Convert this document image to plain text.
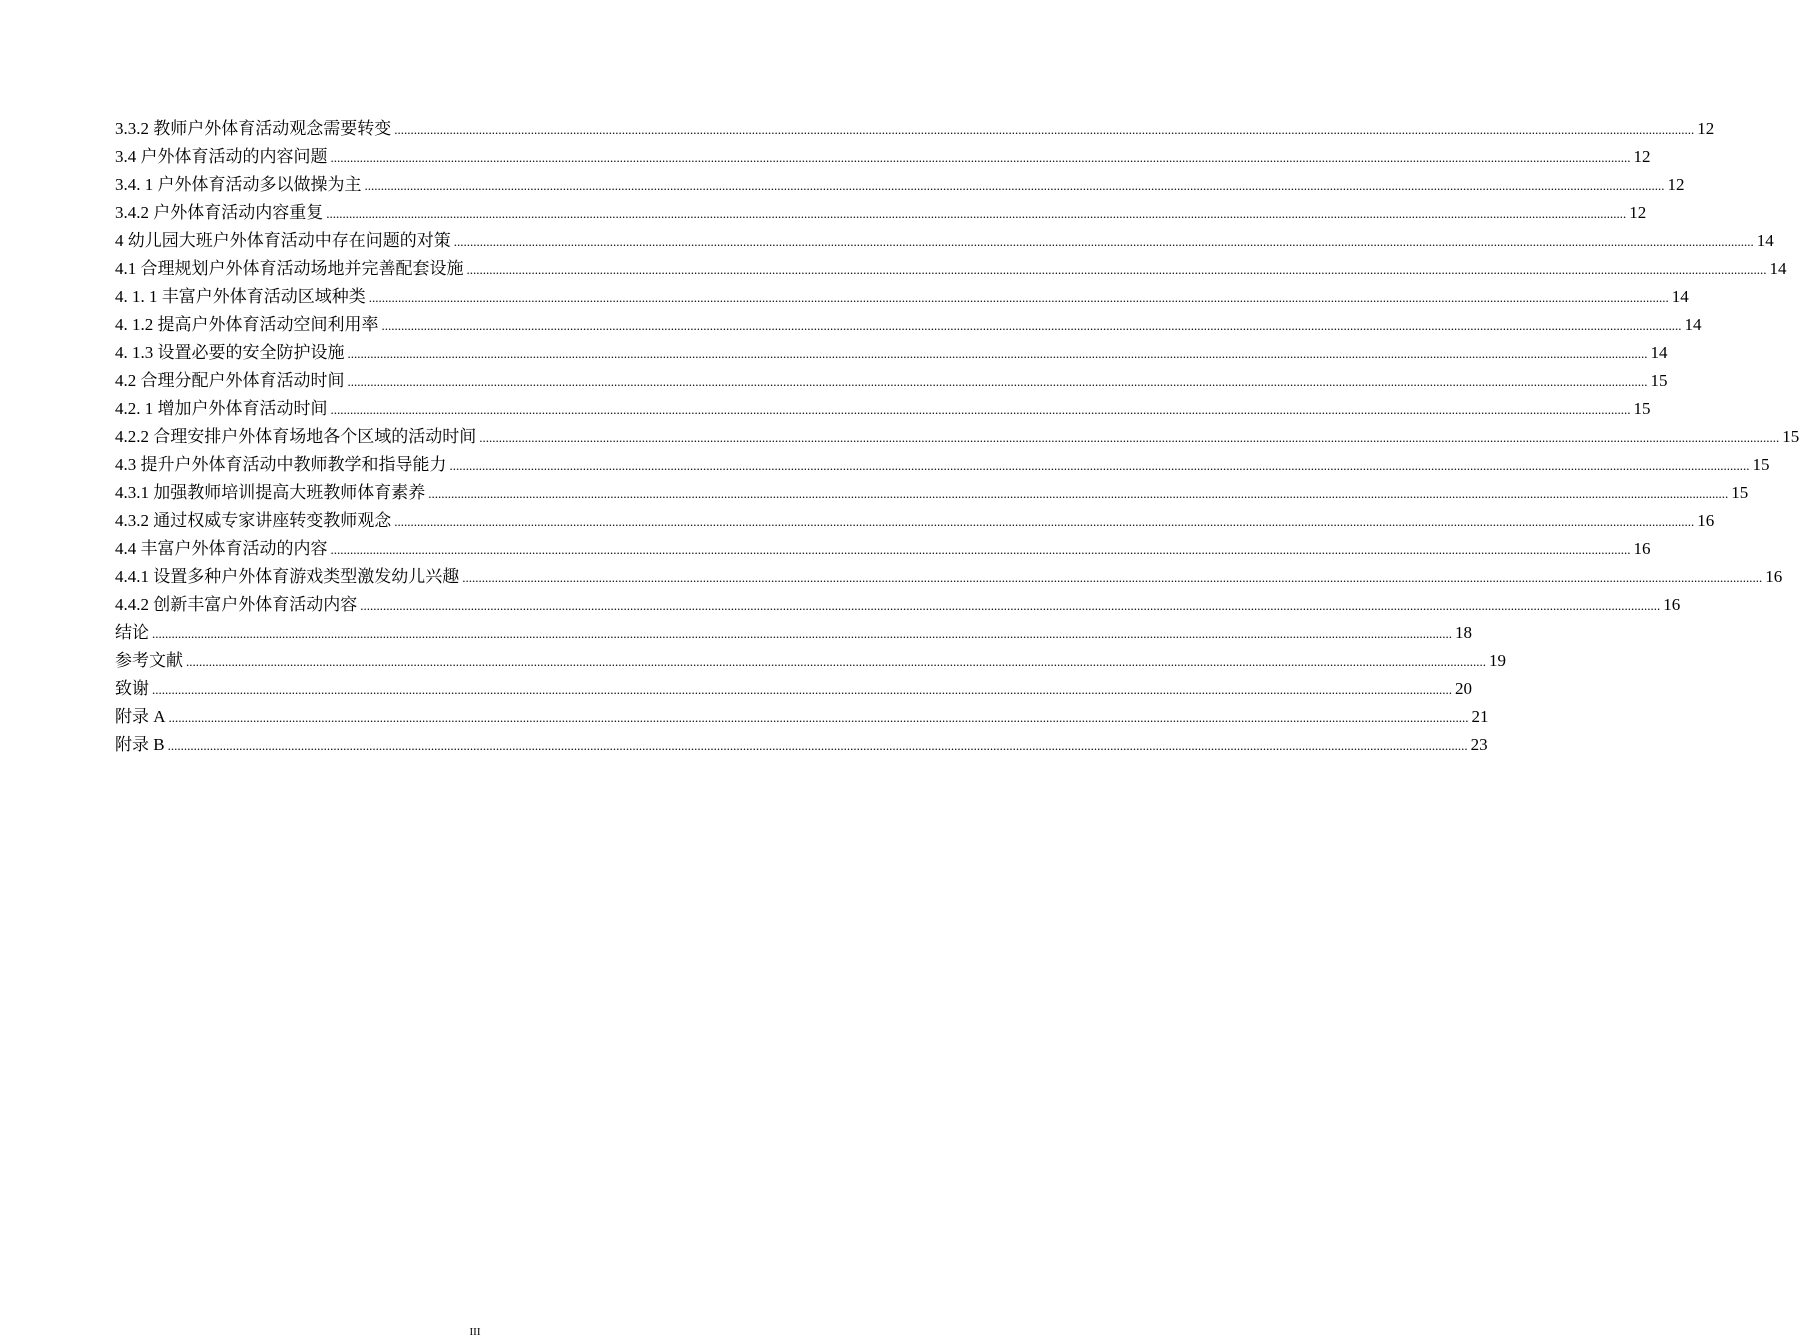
3.3.2 教师户外体育活动观念需要转变 ................................................................................................................................................................................................................................................................................................................................................................................................................ 12
3.4 户外体育活动的内容问题 ................................................................................................................................................................................................................................................................................................................................................................................................................ 12
3.4. 1 户外体育活动多以做操为主 ................................................................................................................................................................................................................................................................................................................................................................................................................ 12
3.4.2 户外体育活动内容重复 ................................................................................................................................................................................................................................................................................................................................................................................................................ 12
4 幼儿园大班户外体育活动中存在问题的对策 ................................................................................................................................................................................................................................................................................................................................................................................................................ 14
4.1 合理规划户外体育活动场地并完善配套设施 ................................................................................................................................................................................................................................................................................................................................................................................................................ 14
4. 1. 1 丰富户外体育活动区域种类 ................................................................................................................................................................................................................................................................................................................................................................................................................ 14
4. 1.2 提高户外体育活动空间利用率 ................................................................................................................................................................................................................................................................................................................................................................................................................ 14
4. 1.3 设置必要的安全防护设施 ................................................................................................................................................................................................................................................................................................................................................................................................................ 14
4.2 合理分配户外体育活动时间 ................................................................................................................................................................................................................................................................................................................................................................................................................ 15
4.2. 1 增加户外体育活动时间 ................................................................................................................................................................................................................................................................................................................................................................................................................ 15
4.2.2 合理安排户外体育场地各个区域的活动时间 ................................................................................................................................................................................................................................................................................................................................................................................................................ 15
4.3 提升户外体育活动中教师教学和指导能力 ................................................................................................................................................................................................................................................................................................................................................................................................................ 15
4.3.1 加强教师培训提高大班教师体育素养 ................................................................................................................................................................................................................................................................................................................................................................................................................ 15
4.3.2 通过权威专家讲座转变教师观念 ................................................................................................................................................................................................................................................................................................................................................................................................................ 16
4.4 丰富户外体育活动的内容 ................................................................................................................................................................................................................................................................................................................................................................................................................ 16
4.4.1 设置多种户外体育游戏类型激发幼儿兴趣 ................................................................................................................................................................................................................................................................................................................................................................................................................ 16
4.4.2 创新丰富户外体育活动内容 ................................................................................................................................................................................................................................................................................................................................................................................................................ 16
结论 ................................................................................................................................................................................................................................................................................................................................................................................................................ 18
参考文献 ................................................................................................................................................................................................................................................................................................................................................................................................................ 19
致谢 ................................................................................................................................................................................................................................................................................................................................................................................................................ 20
附录 A ................................................................................................................................................................................................................................................................................................................................................................................................................ 21
附录 B ................................................................................................................................................................................................................................................................................................................................................................................................................ 23
III
